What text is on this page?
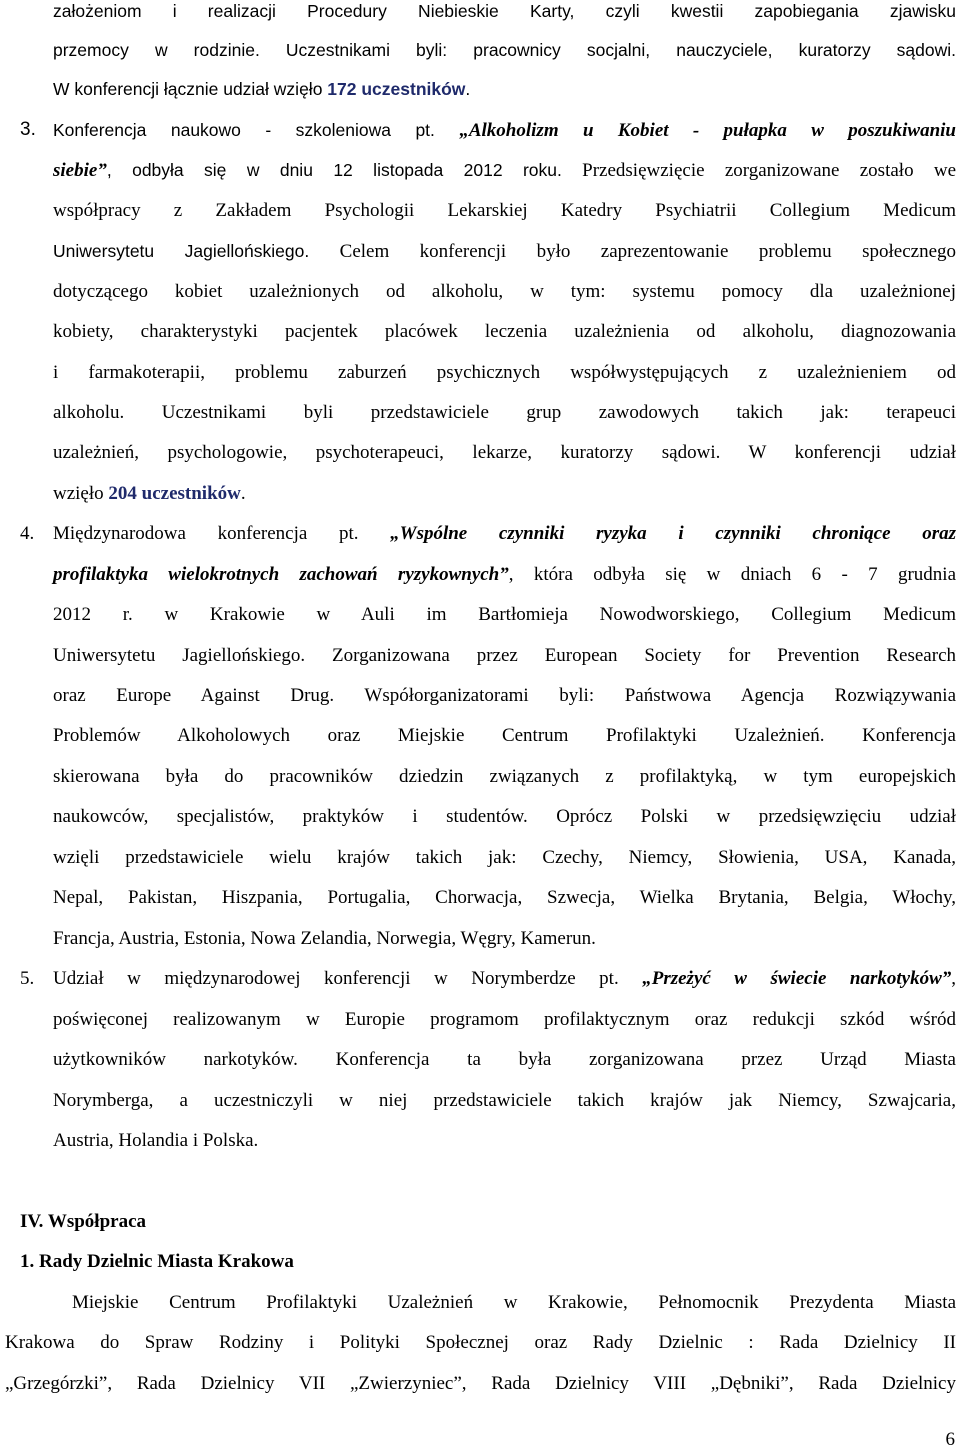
założeniom i realizacji Procedury Niebieskie Karty, czyli kwestii zapobiegania zjawisku
przemocy w rodzinie. Uczestnikami byli: pracownicy socjalni, nauczyciele, kuratorzy sądowi.
W konferencji łącznie udział wzięło 172 uczestników.
3. Konferencja naukowo - szkoleniowa pt. „Alkoholizm u Kobiet - pułapka w poszukiwaniu
siebie”, odbyła się w dniu 12 listopada 2012 roku. Przedsięwzięcie zorganizowane zostało we
współpracy z Zakładem Psychologii Lekarskiej Katedry Psychiatrii Collegium Medicum
Uniwersytetu Jagiellońskiego. Celem konferencji było zaprezentowanie problemu społecznego
dotyczącego kobiet uzależnionych od alkoholu, w tym: systemu pomocy dla uzależnionej
kobiety, charakterystyki pacjentek placówek leczenia uzależnienia od alkoholu, diagnozowania
i farmakoterapii, problemu zaburzeń psychicznych współwystępujących z uzależnieniem od
alkoholu. Uczestnikami byli przedstawiciele grup zawodowych takich jak: terapeuci
uzależnień, psychologowie, psychoterapeuci, lekarze, kuratorzy sądowi. W konferencji udział
wzięło 204 uczestników.
4. Międzynarodowa konferencja pt. „Wspólne czynniki ryzyka i czynniki chroniące oraz
profilaktyka wielokrotnych zachowań ryzykownych”, która odbyła się w dniach 6 - 7 grudnia
2012 r. w Krakowie w Auli im Bartłomieja Nowodworskiego, Collegium Medicum
Uniwersytetu Jagiellońskiego. Zorganizowana przez European Society for Prevention Research
oraz Europe Against Drug. Współorganizatorami byli: Państwowa Agencja Rozwiązywania
Problemów Alkoholowych oraz Miejskie Centrum Profilaktyki Uzależnień. Konferencja
skierowana była do pracowników dziedzin związanych z profilaktyką, w tym europejskich
naukowców, specjalistów, praktyków i studentów. Oprócz Polski w przedsięwzięciu udział
wzięli przedstawiciele wielu krajów takich jak: Czechy, Niemcy, Słowienia, USA, Kanada,
Nepal, Pakistan, Hiszpania, Portugalia, Chorwacja, Szwecja, Wielka Brytania, Belgia, Włochy,
Francja, Austria, Estonia, Nowa Zelandia, Norwegia, Węgry, Kamerun.
5. Udział w międzynarodowej konferencji w Norymberdze pt. „Przeżyć w świecie narkotyków”,
poświęconej realizowanym w Europie programom profilaktycznym oraz redukcji szkód wśród
użytkowników narkotyków. Konferencja ta była zorganizowana przez Urząd Miasta
Norymberga, a uczestniczyli w niej przedstawiciele takich krajów jak Niemcy, Szwajcaria,
Austria, Holandia i Polska.
IV. Współpraca
1. Rady Dzielnic Miasta Krakowa
Miejskie Centrum Profilaktyki Uzależnień w Krakowie, Pełnomocnik Prezydenta Miasta
Krakowa do Spraw Rodziny i Polityki Społecznej oraz Rady Dzielnic : Rada Dzielnicy II
„Grzegórzki”, Rada Dzielnicy VII „Zwierzyniec”, Rada Dzielnicy VIII „Dębniki”, Rada Dzielnicy
6
